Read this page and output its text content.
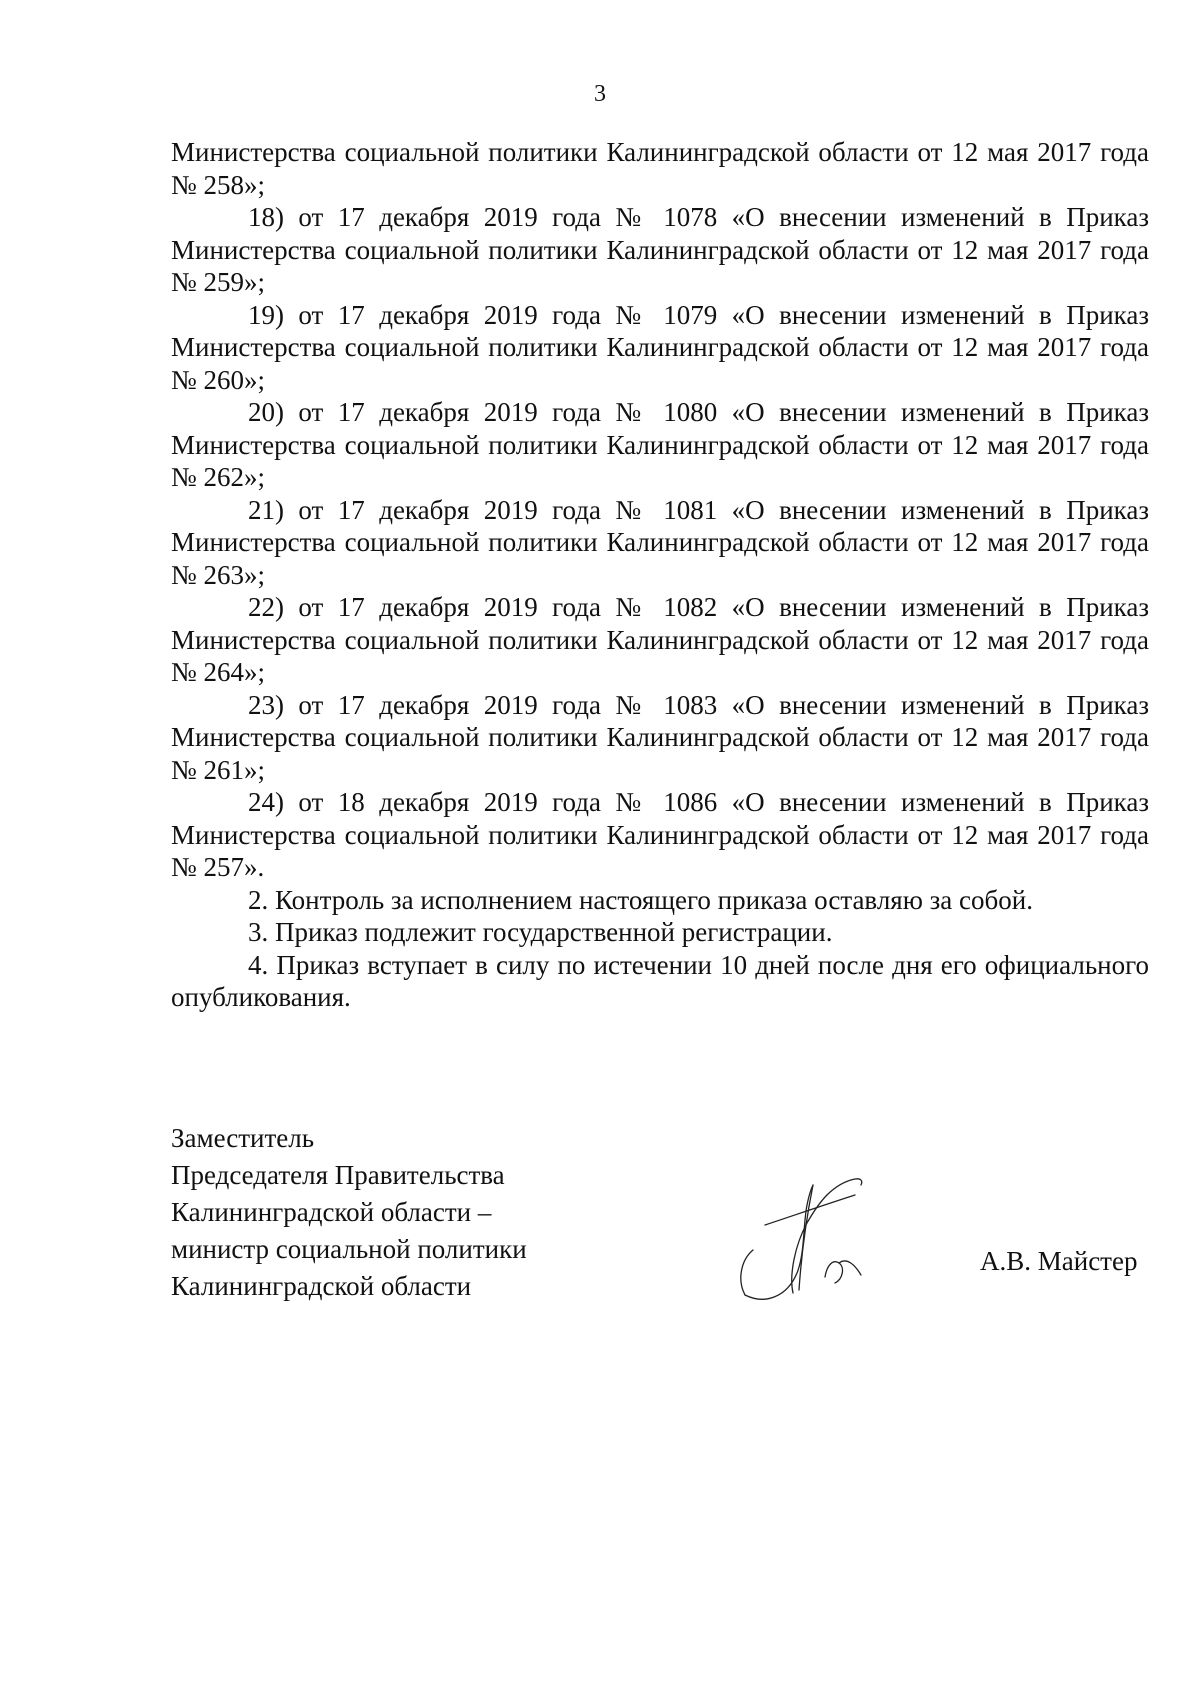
3

Министерства социальной политики Калининградской области от 12 мая 2017 года № 258»;

18) от 17 декабря 2019 года № 1078 «О внесении изменений в Приказ Министерства социальной политики Калининградской области от 12 мая 2017 года № 259»;

19) от 17 декабря 2019 года № 1079 «О внесении изменений в Приказ Министерства социальной политики Калининградской области от 12 мая 2017 года № 260»;

20) от 17 декабря 2019 года № 1080 «О внесении изменений в Приказ Министерства социальной политики Калининградской области от 12 мая 2017 года № 262»;

21) от 17 декабря 2019 года № 1081 «О внесении изменений в Приказ Министерства социальной политики Калининградской области от 12 мая 2017 года № 263»;

22) от 17 декабря 2019 года № 1082 «О внесении изменений в Приказ Министерства социальной политики Калининградской области от 12 мая 2017 года № 264»;

23) от 17 декабря 2019 года № 1083 «О внесении изменений в Приказ Министерства социальной политики Калининградской области от 12 мая 2017 года № 261»;

24) от 18 декабря 2019 года № 1086 «О внесении изменений в Приказ Министерства социальной политики Калининградской области от 12 мая 2017 года № 257».

2. Контроль за исполнением настоящего приказа оставляю за собой.

3. Приказ подлежит государственной регистрации.

4. Приказ вступает в силу по истечении 10 дней после дня его официального опубликования.

Заместитель
Председателя Правительства
Калининградской области –
министр социальной политики
Калининградской области
А.В. Майстер
